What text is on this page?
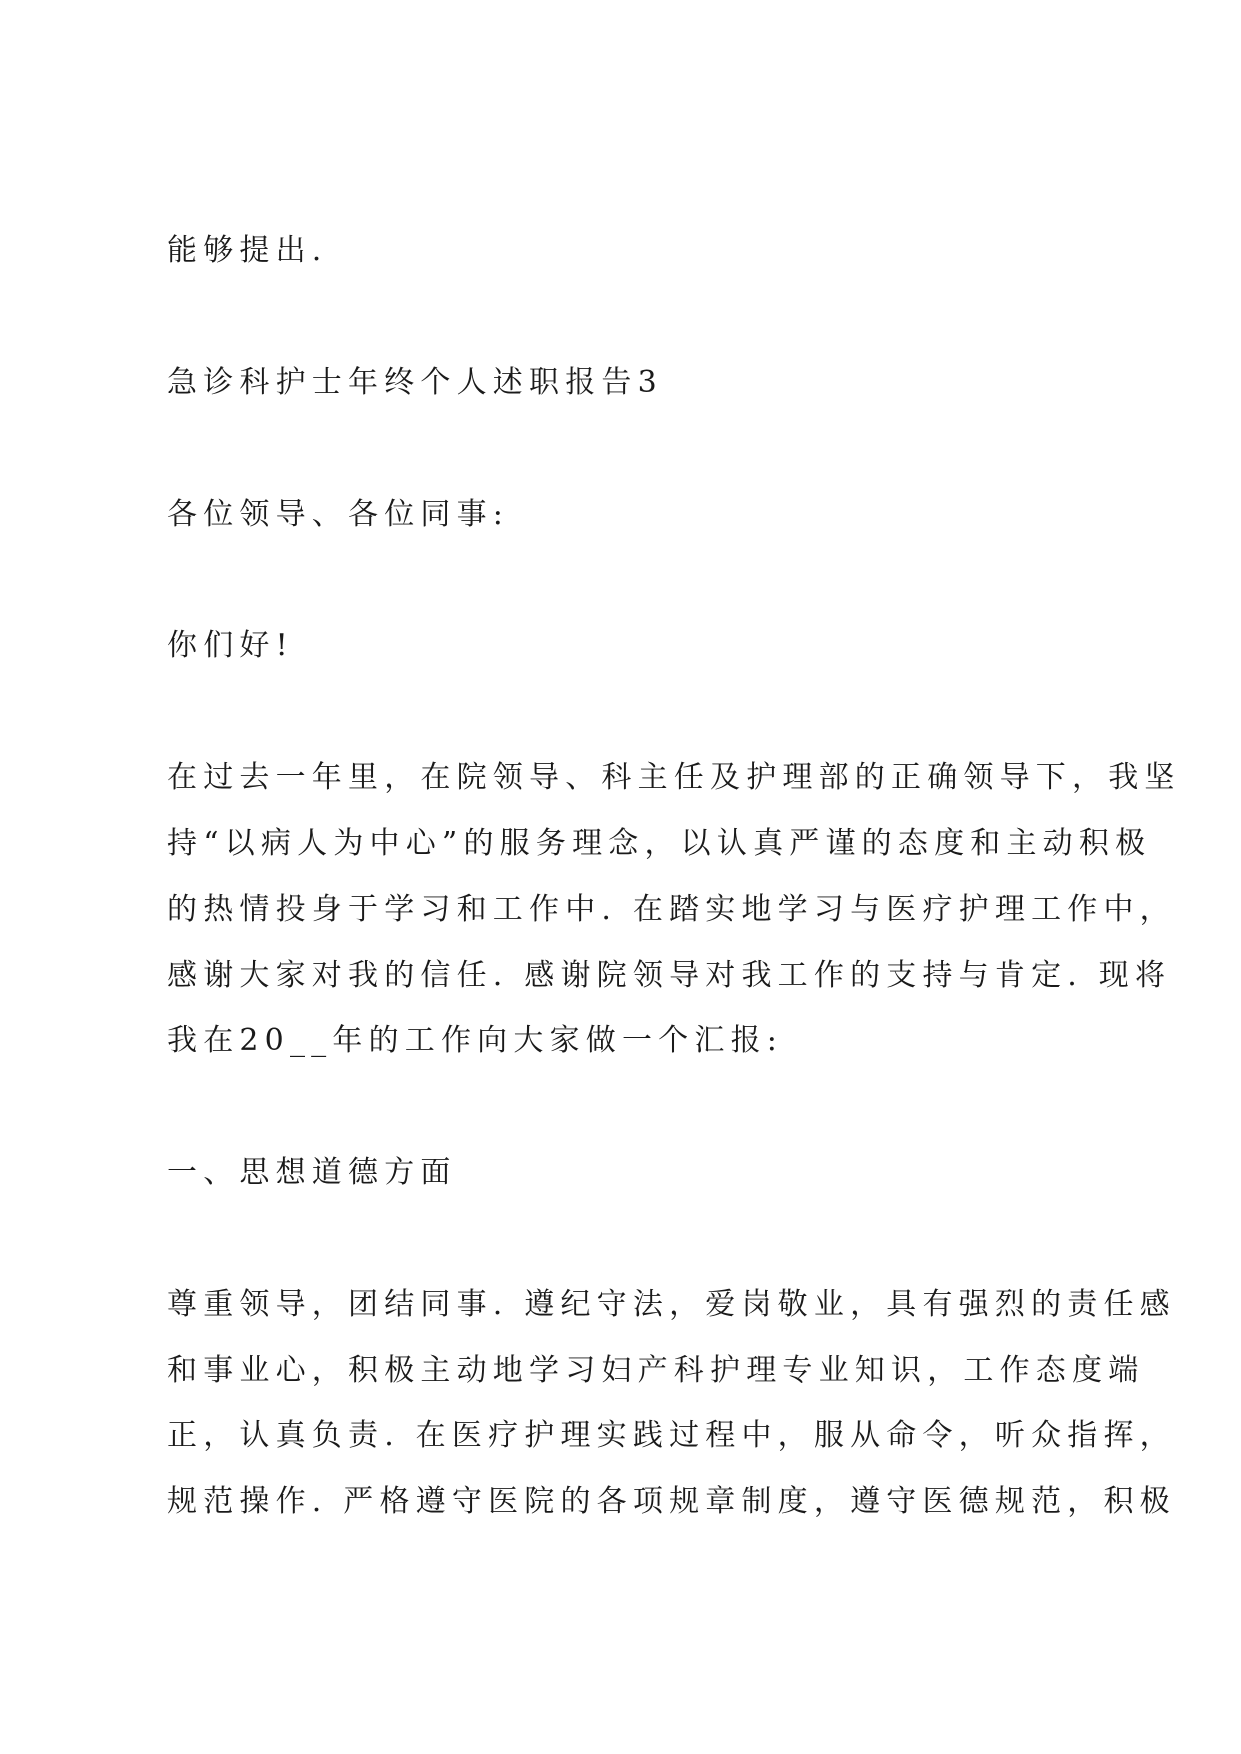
能够提出.
急诊科护士年终个人述职报告3
各位领导、各位同事:
你们好!
在过去一年里，在院领导、科主任及护理部的正确领导下，我坚
持“以病人为中心”的服务理念，以认真严谨的态度和主动积极
的热情投身于学习和工作中. 在踏实地学习与医疗护理工作中，
感谢大家对我的信任. 感谢院领导对我工作的支持与肯定. 现将
我在20__年的工作向大家做一个汇报:
一、思想道德方面
尊重领导，团结同事. 遵纪守法，爱岗敬业，具有强烈的责任感
和事业心，积极主动地学习妇产科护理专业知识，工作态度端
正，认真负责. 在医疗护理实践过程中，服从命令，听众指挥，
规范操作. 严格遵守医院的各项规章制度，遵守医德规范，积极
